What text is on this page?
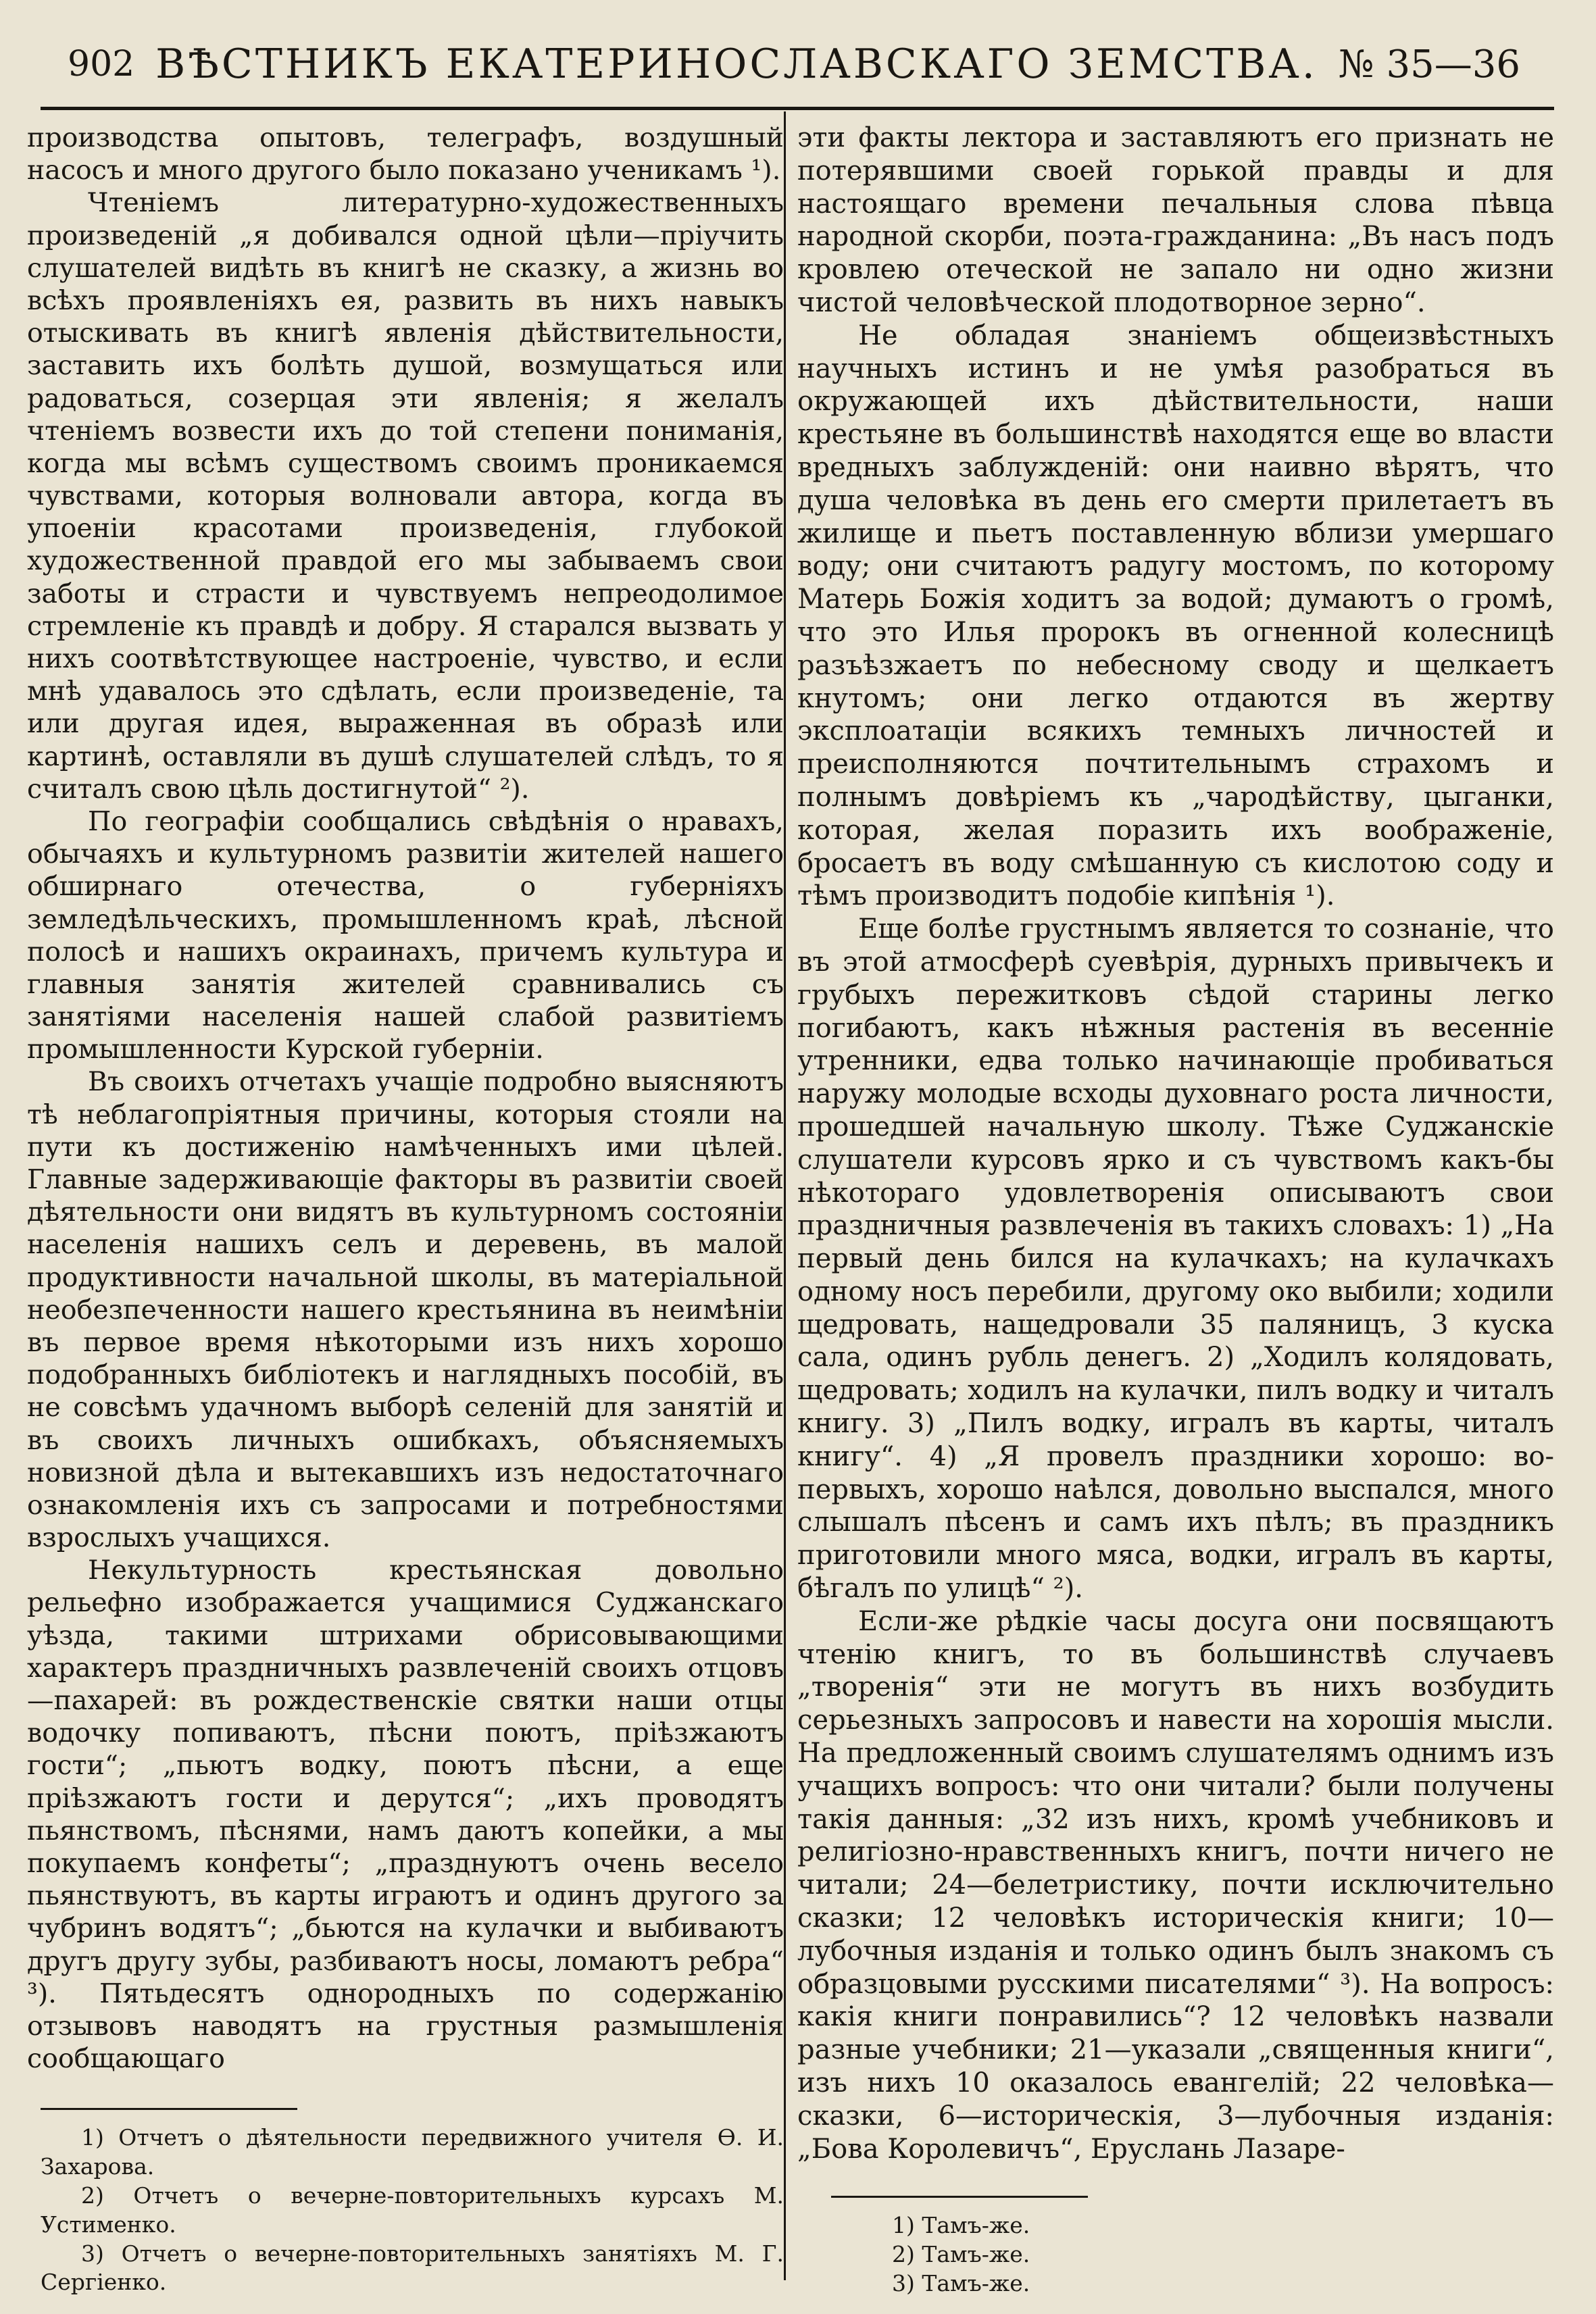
902 ВѢСТНИКЪ ЕКАТЕРИНОСЛАВСКАГО ЗЕМСТВА. № 35—36

производства опытовъ, телеграфъ, воздушный насосъ и много другого было показано ученикамъ ¹).

Чтеніемъ литературно-художественныхъ произведеній „я добивался одной цѣли—пріучить слушателей видѣть въ книгѣ не сказку, а жизнь во всѣхъ проявленіяхъ ея, развить въ нихъ навыкъ отыскивать въ книгѣ явленія дѣйствительности, заставить ихъ болѣть душой, возмущаться или радоваться, созерцая эти явленія; я желалъ чтеніемъ возвести ихъ до той степени пониманія, когда мы всѣмъ существомъ своимъ проникаемся чувствами, которыя волновали автора, когда въ упоеніи красотами произведенія, глубокой художественной правдой его мы забываемъ свои заботы и страсти и чувствуемъ непреодолимое стремленіе къ правдѣ и добру. Я старался вызвать у нихъ соотвѣтствующее настроеніе, чувство, и если мнѣ удавалось это сдѣлать, если произведеніе, та или другая идея, выраженная въ образѣ или картинѣ, оставляли въ душѣ слушателей слѣдъ, то я считалъ свою цѣль достигнутой“ ²).

По географіи сообщались свѣдѣнія о нравахъ, обычаяхъ и культурномъ развитіи жителей нашего обширнаго отечества, о губерніяхъ земледѣльческихъ, промышленномъ краѣ, лѣсной полосѣ и нашихъ окраинахъ, причемъ культура и главныя занятія жителей сравнивались съ занятіями населенія нашей слабой развитіемъ промышленности Курской губерніи.

Въ своихъ отчетахъ учащіе подробно выясняютъ тѣ неблагопріятныя причины, которыя стояли на пути къ достиженію намѣченныхъ ими цѣлей. Главные задерживающіе факторы въ развитіи своей дѣятельности они видятъ въ культурномъ состояніи населенія нашихъ селъ и деревень, въ малой продуктивности начальной школы, въ матеріальной необезпеченности нашего крестьянина въ неимѣніи въ первое время нѣкоторыми изъ нихъ хорошо подобранныхъ библіотекъ и наглядныхъ пособій, въ не совсѣмъ удачномъ выборѣ селеній для занятій и въ своихъ личныхъ ошибкахъ, объясняемыхъ новизной дѣла и вытекавшихъ изъ недостаточнаго ознакомленія ихъ съ запросами и потребностями взрослыхъ учащихся.

Некультурность крестьянская довольно рельефно изображается учащимися Суджанскаго уѣзда, такими штрихами обрисовывающими характеръ праздничныхъ развлеченій своихъ отцовъ—пахарей: въ рождественскіе святки наши отцы водочку попиваютъ, пѣсни поютъ, пріѣзжаютъ гости“; „пьютъ водку, поютъ пѣсни, а еще пріѣзжаютъ гости и дерутся“; „ихъ проводятъ пьянствомъ, пѣснями, намъ даютъ копейки, а мы покупаемъ конфеты“; „празднуютъ очень весело пьянствуютъ, въ карты играютъ и одинъ другого за чубринъ водятъ“; „бьются на кулачки и выбиваютъ другъ другу зубы, разбиваютъ носы, ломаютъ ребра“ ³). Пятьдесятъ однородныхъ по содержанію отзывовъ наводятъ на грустныя размышленія сообщающаго

эти факты лектора и заставляютъ его признать не потерявшими своей горькой правды и для настоящаго времени печальныя слова пѣвца народной скорби, поэта-гражданина: „Въ насъ подъ кровлею отеческой не запало ни одно жизни чистой человѣческой плодотворное зерно“.

Не обладая знаніемъ общеизвѣстныхъ научныхъ истинъ и не умѣя разобраться въ окружающей ихъ дѣйствительности, наши крестьяне въ большинствѣ находятся еще во власти вредныхъ заблужденій: они наивно вѣрятъ, что душа человѣка въ день его смерти прилетаетъ въ жилище и пьетъ поставленную вблизи умершаго воду; они считаютъ радугу мостомъ, по которому Матерь Божія ходитъ за водой; думаютъ о громѣ, что это Илья пророкъ въ огненной колесницѣ разъѣзжаетъ по небесному своду и щелкаетъ кнутомъ; они легко отдаются въ жертву эксплоатаціи всякихъ темныхъ личностей и преисполняются почтительнымъ страхомъ и полнымъ довѣріемъ къ „чародѣйству, цыганки, которая, желая поразить ихъ воображеніе, бросаетъ въ воду смѣшанную съ кислотою соду и тѣмъ производитъ подобіе кипѣнія ¹).

Еще болѣе грустнымъ является то сознаніе, что въ этой атмосферѣ суевѣрія, дурныхъ привычекъ и грубыхъ пережитковъ сѣдой старины легко погибаютъ, какъ нѣжныя растенія въ весенніе утренники, едва только начинающіе пробиваться наружу молодые всходы духовнаго роста личности, прошедшей начальную школу. Тѣже Суджанскіе слушатели курсовъ ярко и съ чувствомъ какъ-бы нѣкотораго удовлетворенія описываютъ свои праздничныя развлеченія въ такихъ словахъ: 1) „На первый день бился на кулачкахъ; на кулачкахъ одному носъ перебили, другому око выбили; ходили щедровать, нащедровали 35 паляницъ, 3 куска сала, одинъ рубль денегъ. 2) „Ходилъ колядовать, щедровать; ходилъ на кулачки, пилъ водку и читалъ книгу. 3) „Пилъ водку, игралъ въ карты, читалъ книгу“. 4) „Я провелъ праздники хорошо: во-первыхъ, хорошо наѣлся, довольно выспался, много слышалъ пѣсенъ и самъ ихъ пѣлъ; въ праздникъ приготовили много мяса, водки, игралъ въ карты, бѣгалъ по улицѣ“ ²).

Если-же рѣдкіе часы досуга они посвящаютъ чтенію книгъ, то въ большинствѣ случаевъ „творенія“ эти не могутъ въ нихъ возбудить серьезныхъ запросовъ и навести на хорошія мысли. На предложенный своимъ слушателямъ однимъ изъ учащихъ вопросъ: что они читали? были получены такія данныя: „32 изъ нихъ, кромѣ учебниковъ и религіозно-нравственныхъ книгъ, почти ничего не читали; 24—белетристику, почти исключительно сказки; 12 человѣкъ историческія книги; 10—лубочныя изданія и только одинъ былъ знакомъ съ образцовыми русскими писателями“ ³). На вопросъ: какія книги понравились“? 12 человѣкъ назвали разные учебники; 21—указали „священныя книги“, изъ нихъ 10 оказалось евангелій; 22 человѣка—сказки, 6—историческія, 3—лубочныя изданія: „Бова Королевичъ“, Еруслань Лазаре-

1) Отчетъ о дѣятельности передвижного учителя Ѳ. И. Захарова.

2) Отчетъ о вечерне-повторительныхъ курсахъ М. Устименко.

3) Отчетъ о вечерне-повторительныхъ занятіяхъ М. Г. Сергіенко.

1) Тамъ-же.

2) Тамъ-же.

3) Тамъ-же.
